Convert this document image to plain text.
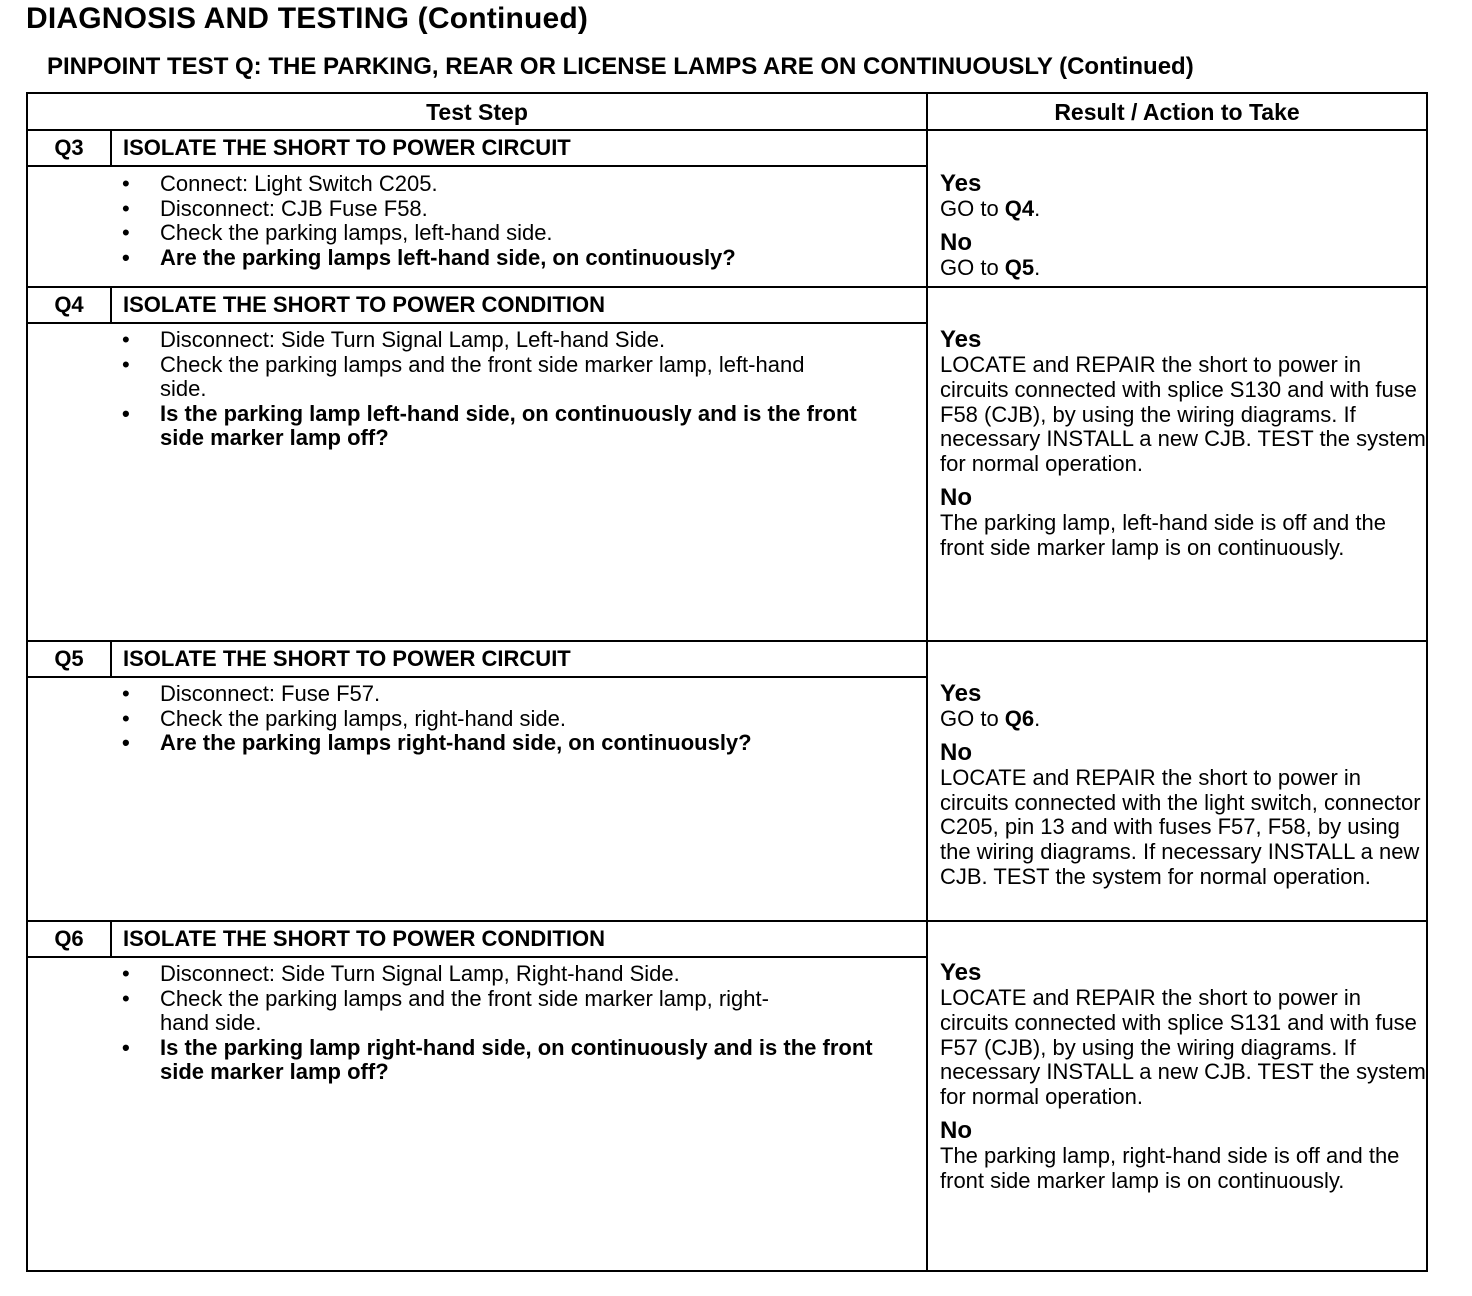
DIAGNOSIS AND TESTING (Continued)
PINPOINT TEST Q: THE PARKING, REAR OR LICENSE LAMPS ARE ON CONTINUOUSLY (Continued)
Test Step	Result / Action to Take
Q3	ISOLATE THE SHORT TO POWER CIRCUIT
• Connect: Light Switch C205.
• Disconnect: CJB Fuse F58.
• Check the parking lamps, left-hand side.
• Are the parking lamps left-hand side, on continuously?
Yes
GO to Q4.
No
GO to Q5.
Q4	ISOLATE THE SHORT TO POWER CONDITION
• Disconnect: Side Turn Signal Lamp, Left-hand Side.
• Check the parking lamps and the front side marker lamp, left-hand side.
• Is the parking lamp left-hand side, on continuously and is the front side marker lamp off?
Yes
LOCATE and REPAIR the short to power in circuits connected with splice S130 and with fuse F58 (CJB), by using the wiring diagrams. If necessary INSTALL a new CJB. TEST the system for normal operation.
No
The parking lamp, left-hand side is off and the front side marker lamp is on continuously.
Q5	ISOLATE THE SHORT TO POWER CIRCUIT
• Disconnect: Fuse F57.
• Check the parking lamps, right-hand side.
• Are the parking lamps right-hand side, on continuously?
Yes
GO to Q6.
No
LOCATE and REPAIR the short to power in circuits connected with the light switch, connector C205, pin 13 and with fuses F57, F58, by using the wiring diagrams. If necessary INSTALL a new CJB. TEST the system for normal operation.
Q6	ISOLATE THE SHORT TO POWER CONDITION
• Disconnect: Side Turn Signal Lamp, Right-hand Side.
• Check the parking lamps and the front side marker lamp, right-hand side.
• Is the parking lamp right-hand side, on continuously and is the front side marker lamp off?
Yes
LOCATE and REPAIR the short to power in circuits connected with splice S131 and with fuse F57 (CJB), by using the wiring diagrams. If necessary INSTALL a new CJB. TEST the system for normal operation.
No
The parking lamp, right-hand side is off and the front side marker lamp is on continuously.
